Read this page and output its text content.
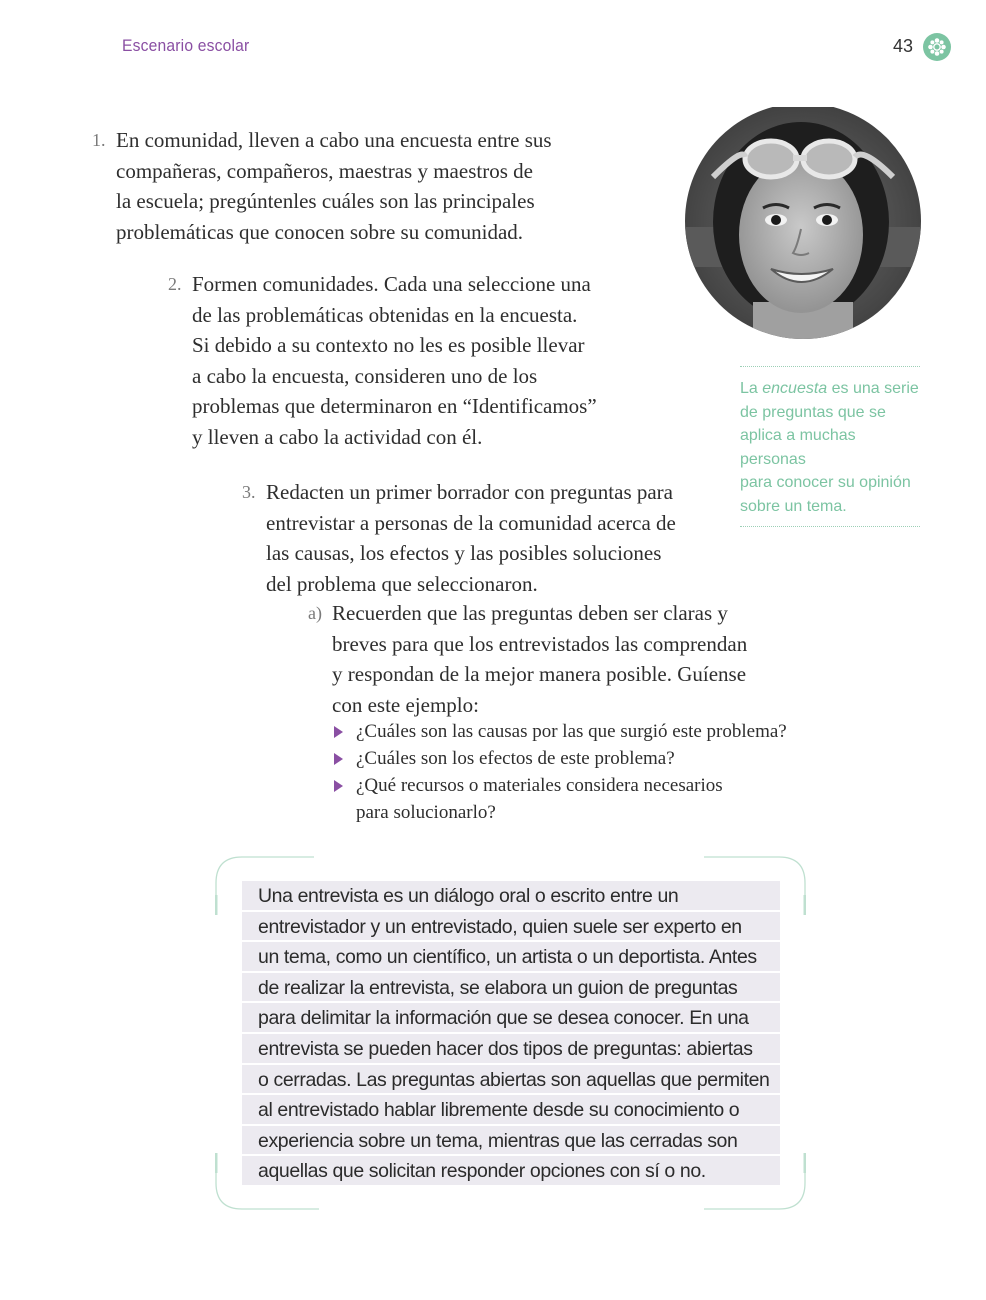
Escenario escolar	43
1. En comunidad, lleven a cabo una encuesta entre sus

compañeras, compañeros, maestras y maestros de

la escuela; pregúntenles cuáles son las principales

problemáticas que conocen sobre su comunidad.

2. Formen comunidades. Cada una seleccione una

de las problemáticas obtenidas en la encuesta.

Si debido a su contexto no les es posible llevar

a cabo la encuesta, consideren uno de los

problemas que determinaron en “Identificamos”

y lleven a cabo la actividad con él.

3. Redacten un primer borrador con preguntas para

entrevistar a personas de la comunidad acerca de

las causas, los efectos y las posibles soluciones

del problema que seleccionaron.

a) Recuerden que las preguntas deben ser claras y

breves para que los entrevistados las comprendan

y respondan de la mejor manera posible. Guíense

con este ejemplo:

¿Cuáles son las causas por las que surgió este problema?
¿Cuáles son los efectos de este problema?
¿Qué recursos o materiales considera necesarios
para solucionarlo?
La encuesta es una serie
de preguntas que se
aplica a muchas personas
para conocer su opinión
sobre un tema.
Una entrevista es un diálogo oral o escrito entre un
entrevistador y un entrevistado, quien suele ser experto en
un tema, como un científico, un artista o un deportista. Antes
de realizar la entrevista, se elabora un guion de preguntas
para delimitar la información que se desea conocer. En una
entrevista se pueden hacer dos tipos de preguntas: abiertas
o cerradas. Las preguntas abiertas son aquellas que permiten
al entrevistado hablar libremente desde su conocimiento o
experiencia sobre un tema, mientras que las cerradas son
aquellas que solicitan responder opciones con sí o no.
